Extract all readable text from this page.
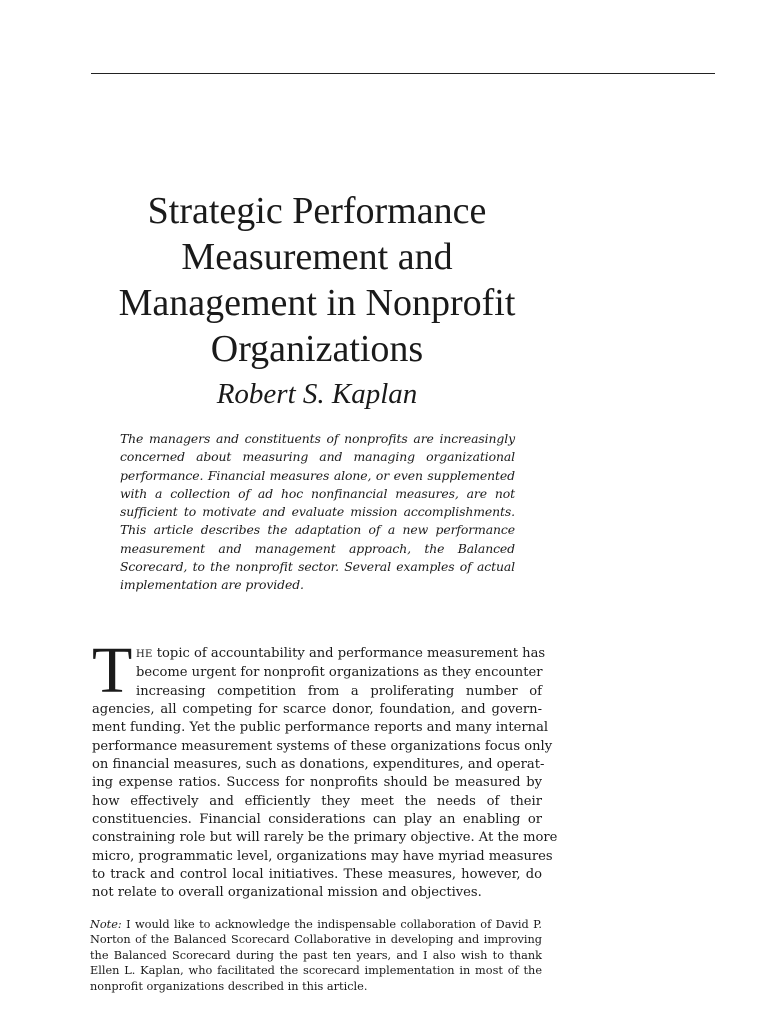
Strategic Performance
Measurement and
Management in Nonprofit
Organizations
Robert S. Kaplan
The managers and constituents of nonprofits are increasingly
concerned about measuring and managing organizational
performance. Financial measures alone, or even supplemented
with a collection of ad hoc nonfinancial measures, are not
sufficient to motivate and evaluate mission accomplishments.
This article describes the adaptation of a new performance
measurement and management approach, the Balanced
Scorecard, to the nonprofit sector. Several examples of actual
implementation are provided.
T HE topic of accountability and performance measurement has
become urgent for nonprofit organizations as they encounter
increasing competition from a proliferating number of
agencies, all competing for scarce donor, foundation, and govern-
ment funding. Yet the public performance reports and many internal
performance measurement systems of these organizations focus only
on financial measures, such as donations, expenditures, and operat-
ing expense ratios. Success for nonprofits should be measured by
how effectively and efficiently they meet the needs of their
constituencies. Financial considerations can play an enabling or
constraining role but will rarely be the primary objective. At the more
micro, programmatic level, organizations may have myriad measures
to track and control local initiatives. These measures, however, do
not relate to overall organizational mission and objectives.
Note: I would like to acknowledge the indispensable collaboration of David P.
Norton of the Balanced Scorecard Collaborative in developing and improving
the Balanced Scorecard during the past ten years, and I also wish to thank
Ellen L. Kaplan, who facilitated the scorecard implementation in most of the
nonprofit organizations described in this article.
